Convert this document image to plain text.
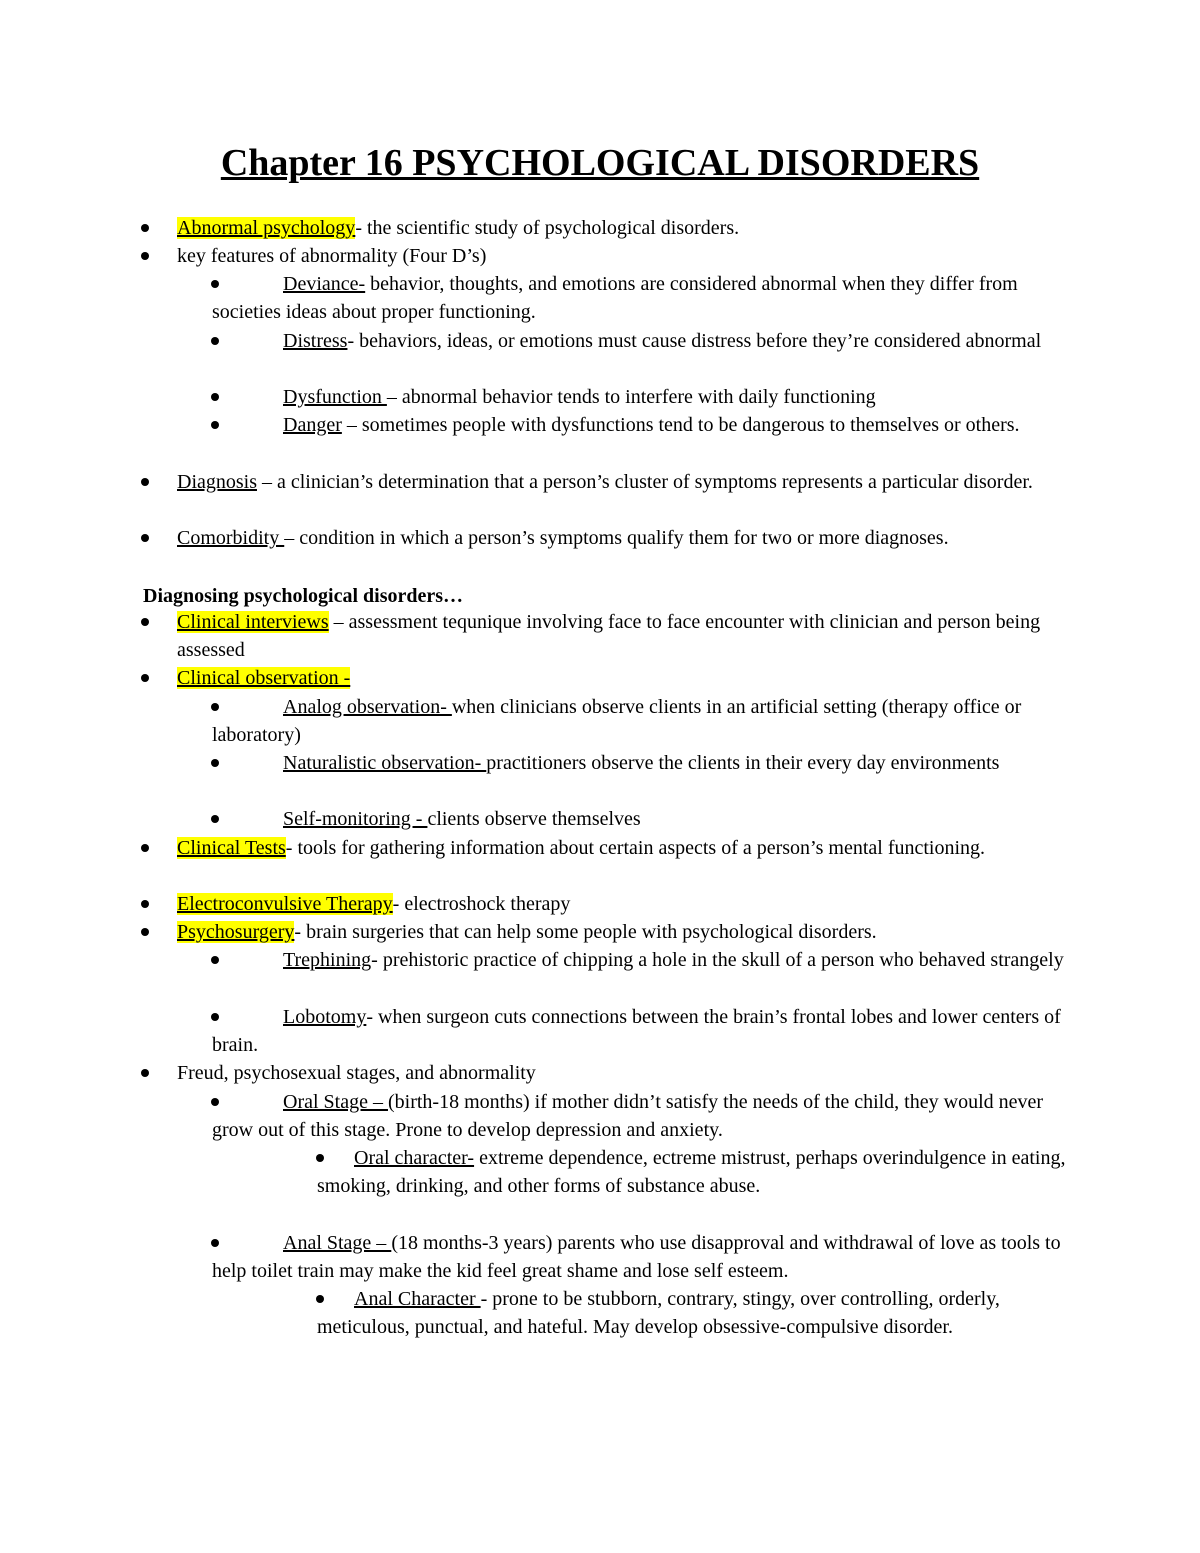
Chapter 16 PSYCHOLOGICAL DISORDERS
Diagnosing psychological disorders…
Abnormal psychology- the scientific study of psychological disorders.
key features of abnormality (Four D’s)
Deviance- behavior, thoughts, and emotions are considered abnormal when they differ from societies ideas about proper functioning.
Distress- behaviors, ideas, or emotions must cause distress before they’re considered abnormal
Dysfunction – abnormal behavior tends to interfere with daily functioning
Danger – sometimes people with dysfunctions tend to be dangerous to themselves or others.
Diagnosis – a clinician’s determination that a person’s cluster of symptoms represents a particular disorder.
Comorbidity – condition in which a person’s symptoms qualify them for two or more diagnoses.
Clinical interviews – assessment tequnique involving face to face encounter with clinician and person being assessed
Clinical observation -
Analog observation- when clinicians observe clients in an artificial setting (therapy office or laboratory)
Naturalistic observation- practitioners observe the clients in their every day environments
Self-monitoring - clients observe themselves
Clinical Tests- tools for gathering information about certain aspects of a person’s mental functioning.
Electroconvulsive Therapy- electroshock therapy
Psychosurgery- brain surgeries that can help some people with psychological disorders.
Trephining- prehistoric practice of chipping a hole in the skull of a person who behaved strangely
Lobotomy- when surgeon cuts connections between the brain’s frontal lobes and lower centers of brain.
Freud, psychosexual stages, and abnormality
Oral Stage – (birth-18 months) if mother didn’t satisfy the needs of the child, they would never grow out of this stage. Prone to develop depression and anxiety.
Oral character- extreme dependence, ectreme mistrust, perhaps overindulgence in eating, smoking, drinking, and other forms of substance abuse.
Anal Stage – (18 months-3 years) parents who use disapproval and withdrawal of love as tools to help toilet train may make the kid feel great shame and lose self esteem.
Anal Character - prone to be stubborn, contrary, stingy, over controlling, orderly, meticulous, punctual, and hateful. May develop obsessive-compulsive disorder.
